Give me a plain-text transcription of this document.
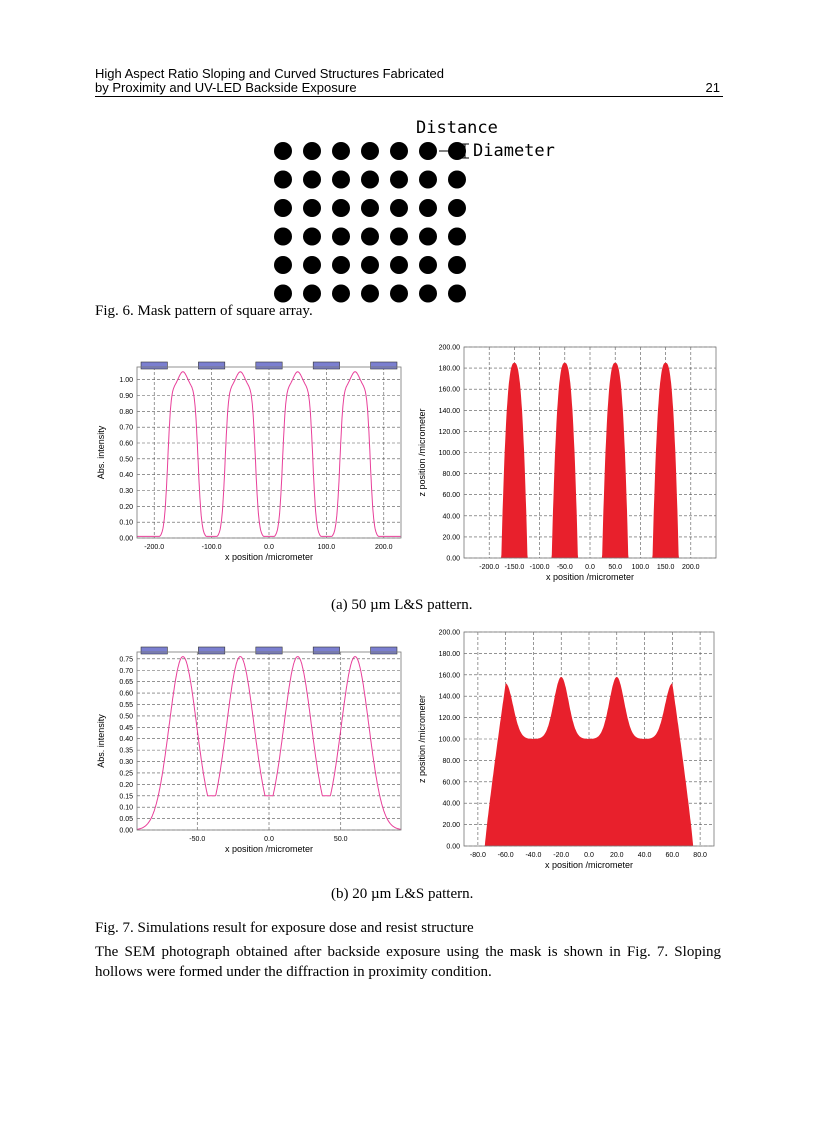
High Aspect Ratio Sloping and Curved Structures Fabricated
by Proximity and UV-LED Backside Exposure	21
Distance
Diameter
Fig. 6. Mask pattern of square array.
0.00
0.10
0.20
0.30
0.40
0.50
0.60
0.70
0.80
0.90
1.00
-200.0	-100.0	0.0	100.0	200.0
x position /micrometer
Abs. intensity
0.00
20.00
40.00
60.00
80.00
100.00
120.00
140.00
160.00
180.00
200.00
-200.0 -150.0 -100.0 -50.0 0.0 50.0 100.0 150.0 200.0
x position /micrometer
z position /micrometer
(a) 50 µm L&S pattern.
0.00
0.05
0.10
0.15
0.20
0.25
0.30
0.35
0.40
0.45
0.50
0.55
0.60
0.65
0.70
0.75
-50.0	0.0	50.0
x position /micrometer
Abs. intensity
0.00
20.00
40.00
60.00
80.00
100.00
120.00
140.00
160.00
180.00
200.00
-80.0 -60.0 -40.0 -20.0 0.0 20.0 40.0 60.0 80.0
x position /micrometer
z position /micrometer
(b) 20 µm L&S pattern.
Fig. 7. Simulations result for exposure dose and resist structure
The SEM photograph obtained after backside exposure using the mask is shown in Fig. 7. Sloping hollows were formed under the diffraction in proximity condition.
